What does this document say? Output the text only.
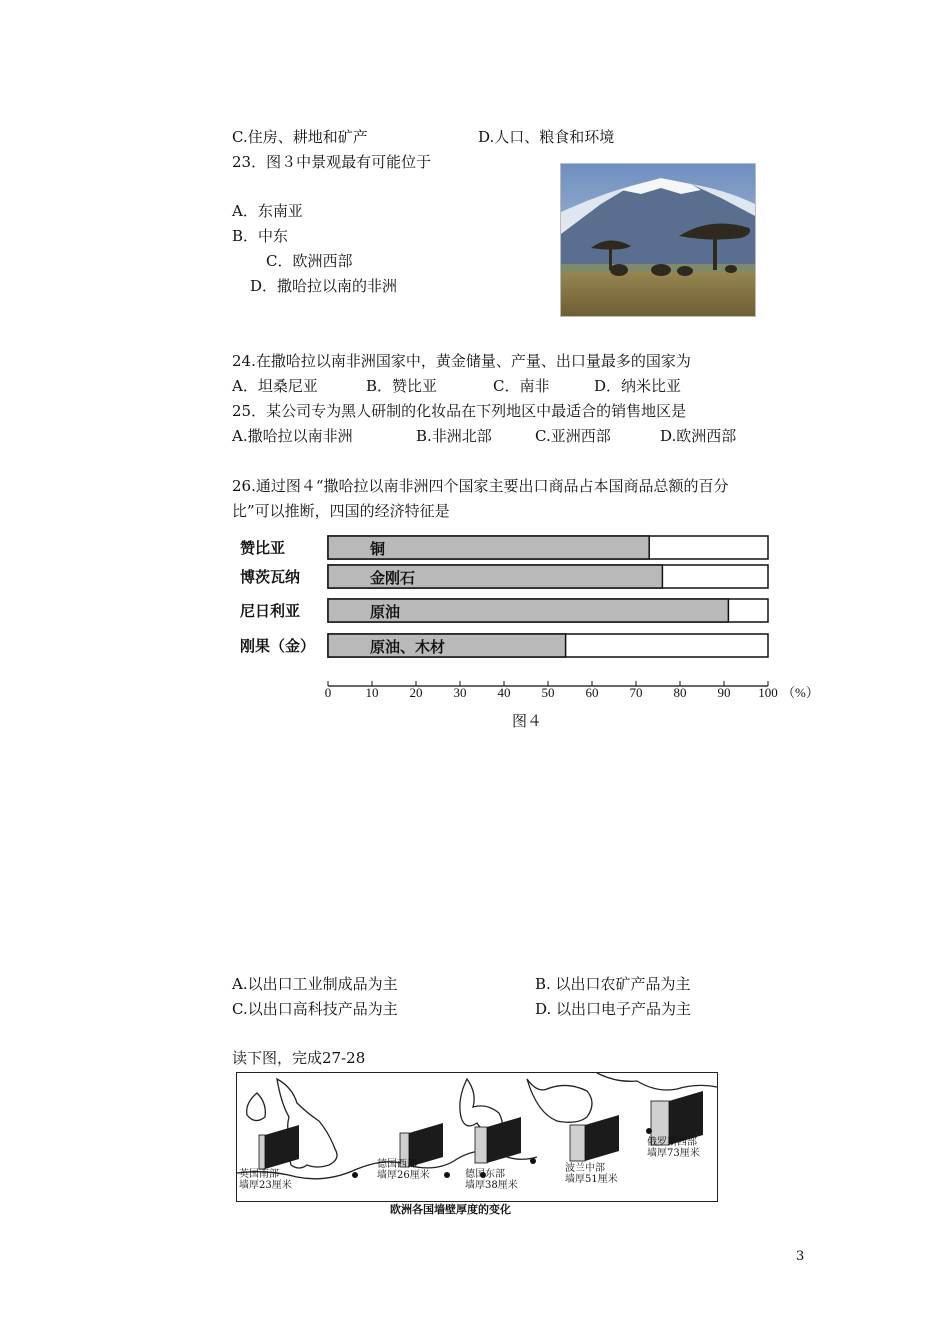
C.住房、耕地和矿产	D.人口、粮食和环境
23．图３中景观最有可能位于
A．东南亚
B．中东
C．欧洲西部
D．撒哈拉以南的非洲
24.在撒哈拉以南非洲国家中，黄金储量、产量、出口量最多的国家为
A．坦桑尼亚	B．赞比亚	C．南非	D．纳米比亚
25．某公司专为黑人研制的化妆品在下列地区中最适合的销售地区是
A.撒哈拉以南非洲	B.非洲北部	C.亚洲西部	D.欧洲西部
26.通过图４“撒哈拉以南非洲四个国家主要出口商品占本国商品总额的百分
比”可以推断，四国的经济特征是
赞比亚	铜
博茨瓦纳	金刚石
尼日利亚	原油
刚果（金）	原油、木材
0	10 20 30 40 50 60 70 80 90 100 （%）
图４
A.以出口工业制成品为主	B. 以出口农矿产品为主
C.以出口高科技产品为主	D. 以出口电子产品为主
读下图，完成27-28
英国南部
墙厚23厘米
德国西部
墙厚26厘米	德国东部
墙厚38厘米
波兰中部
墙厚51厘米
俄罗斯西部
墙厚73厘米
欧洲各国墙壁厚度的变化
3
